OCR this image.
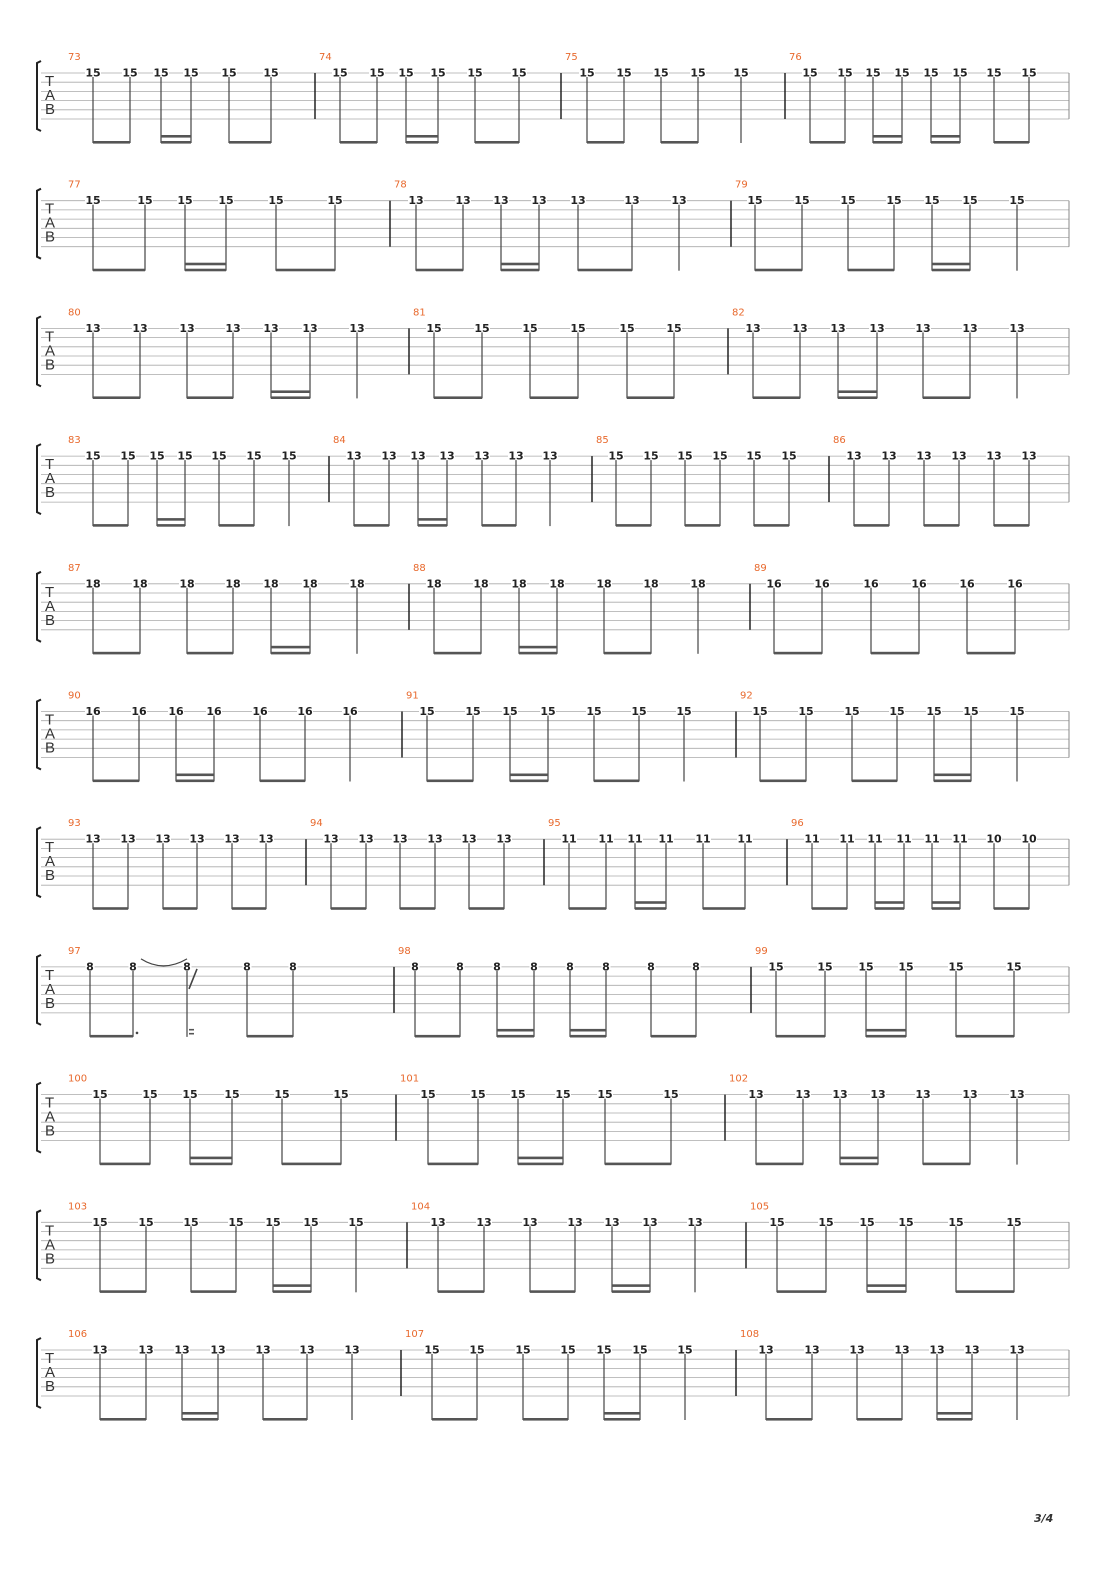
T
A
B
73
15 15 15 15 15 15
74
15 15 15 15 15	15
75
15 15 15 15	15
76
15 15 15 15 15 15 15 15
T
A
B
77
15	15 15 15	15	15
78
13	13 13 13 13	13	13
79
15	15	15	15 15 15	15
T
A
B
80
13	13	13	13 13 13	13
81
15	15	15	15	15	15
82
13	13 13 13	13	13	13
T
A
B
83
15 15 15 15 15 15 15
84
13 13 13 13 13 13 13
85
15 15 15 15 15 15
86
13 13 13 13 13 13
T
A
B
87
18	18	18	18 18 18	18
88
18	18 18 18	18	18	18
89
16	16	16	16	16	16
T
A
B
90
16	16 16 16	16	16	16
91
15	15 15 15	15	15	15
92
15	15	15	15 15 15	15
T
A
B
93
13 13 13 13 13 13
94
13 13 13 13 13 13
95
11 11 11 11 11 11
96
11 11 11 11 11 11 10 10
T
A
B
97
8	8	8	8	8
98
8	8	8	8	8	8	8	8
99
15	15 15 15	15	15
T
A
B
100
15	15 15 15	15	15
101
15	15 15	15 15	15
102
13	13 13 13	13	13	13
T
A
B
103
15	15	15	15 15 15	15
104
13	13	13	13 13 13	13
105
15	15 15 15	15	15
T
A
B
106
13	13 13 13	13	13	13
107
15	15	15	15 15 15	15
108
13	13	13	13 13 13	13
3/4
